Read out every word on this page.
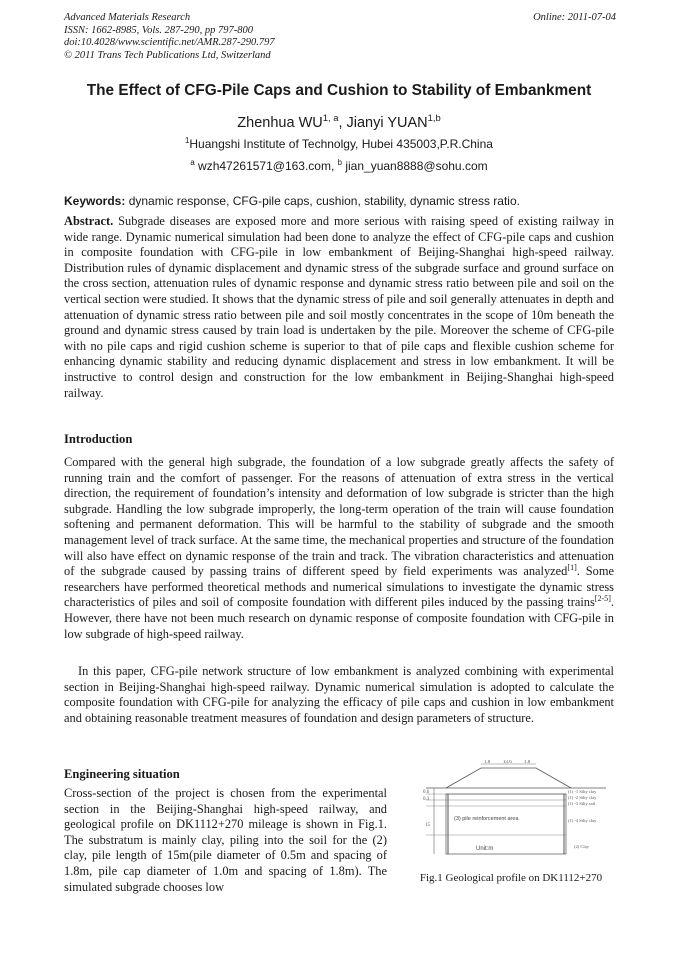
Advanced Materials Research
ISSN: 1662-8985, Vols. 287-290, pp 797-800
doi:10.4028/www.scientific.net/AMR.287-290.797
© 2011 Trans Tech Publications Ltd, Switzerland
Online: 2011-07-04
The Effect of CFG-Pile Caps and Cushion to Stability of Embankment
Zhenhua WU$^{1, a}$, Jianyi YUAN$^{1,b}$
$^1$Huangshi Institute of Technolgy, Hubei 435003,P.R.China
$^a$ wzh47261571@163.com, $^b$ jian_yuan8888@sohu.com
Keywords: dynamic response, CFG-pile caps, cushion, stability, dynamic stress ratio.
Abstract. Subgrade diseases are exposed more and more serious with raising speed of existing railway in wide range. Dynamic numerical simulation had been done to analyze the effect of CFG-pile caps and cushion in composite foundation with CFG-pile in low embankment of Beijing-Shanghai high-speed railway. Distribution rules of dynamic displacement and dynamic stress of the subgrade surface and ground surface on the cross section, attenuation rules of dynamic response and dynamic stress ratio between pile and soil on the vertical section were studied. It shows that the dynamic stress of pile and soil generally attenuates in depth and attenuation of dynamic stress ratio between pile and soil mostly concentrates in the scope of 10m beneath the ground and dynamic stress caused by train load is undertaken by the pile. Moreover the scheme of CFG-pile with no pile caps and rigid cushion scheme is superior to that of pile caps and flexible cushion scheme for enhancing dynamic stability and reducing dynamic displacement and stress in low embankment. It will be instructive to control design and construction for the low embankment in Beijing-Shanghai high-speed railway.
Introduction
Compared with the general high subgrade, the foundation of a low subgrade greatly affects the safety of running train and the comfort of passenger. For the reasons of attenuation of extra stress in the vertical direction, the requirement of foundation’s intensity and deformation of low subgrade is stricter than the high subgrade. Handling the low subgrade improperly, the long-term operation of the train will cause foundation softening and permanent deformation. This will be harmful to the stability of subgrade and the smooth management level of track surface. At the same time, the mechanical properties and structure of the foundation will also have effect on dynamic response of the train and track. The vibration characteristics and attenuation of the subgrade caused by passing trains of different speed by field experiments was analyzed[1]. Some researchers have performed theoretical methods and numerical simulations to investigate the dynamic stress characteristics of piles and soil of composite foundation with different piles induced by the passing trains[2-5]. However, there have not been much research on dynamic response of composite foundation with CFG-pile in low subgrade of high-speed railway.
In this paper, CFG-pile network structure of low embankment is analyzed combining with experimental section in Beijing-Shanghai high-speed railway. Dynamic numerical simulation is adopted to calculate the composite foundation with CFG-pile for analyzing the efficacy of pile caps and cushion in low embankment and obtaining reasonable treatment measures of foundation and design parameters of structure.
Engineering situation
Cross-section of the project is chosen from the experimental section in the Beijing-Shanghai high-speed railway, and geological profile on DK1112+270 mileage is shown in Fig.1. The substratum is mainly clay, piling into the soil for the (2) clay, pile length of 15m(pile diameter of 0.5m and spacing of 1.8m, pile cap diameter of 1.0m and spacing of 1.8m). The simulated subgrade chooses low
1.8	13.6 1.8
0.6
0.3
15
(3) pile reinforcement area
Unit:m
(1) -1 Silty clay
(1) -2 Silty clay
(1) -3 Silty soil
(1) -4 Silty clay
(2) Clay
Fig.1 Geological profile on DK1112+270
